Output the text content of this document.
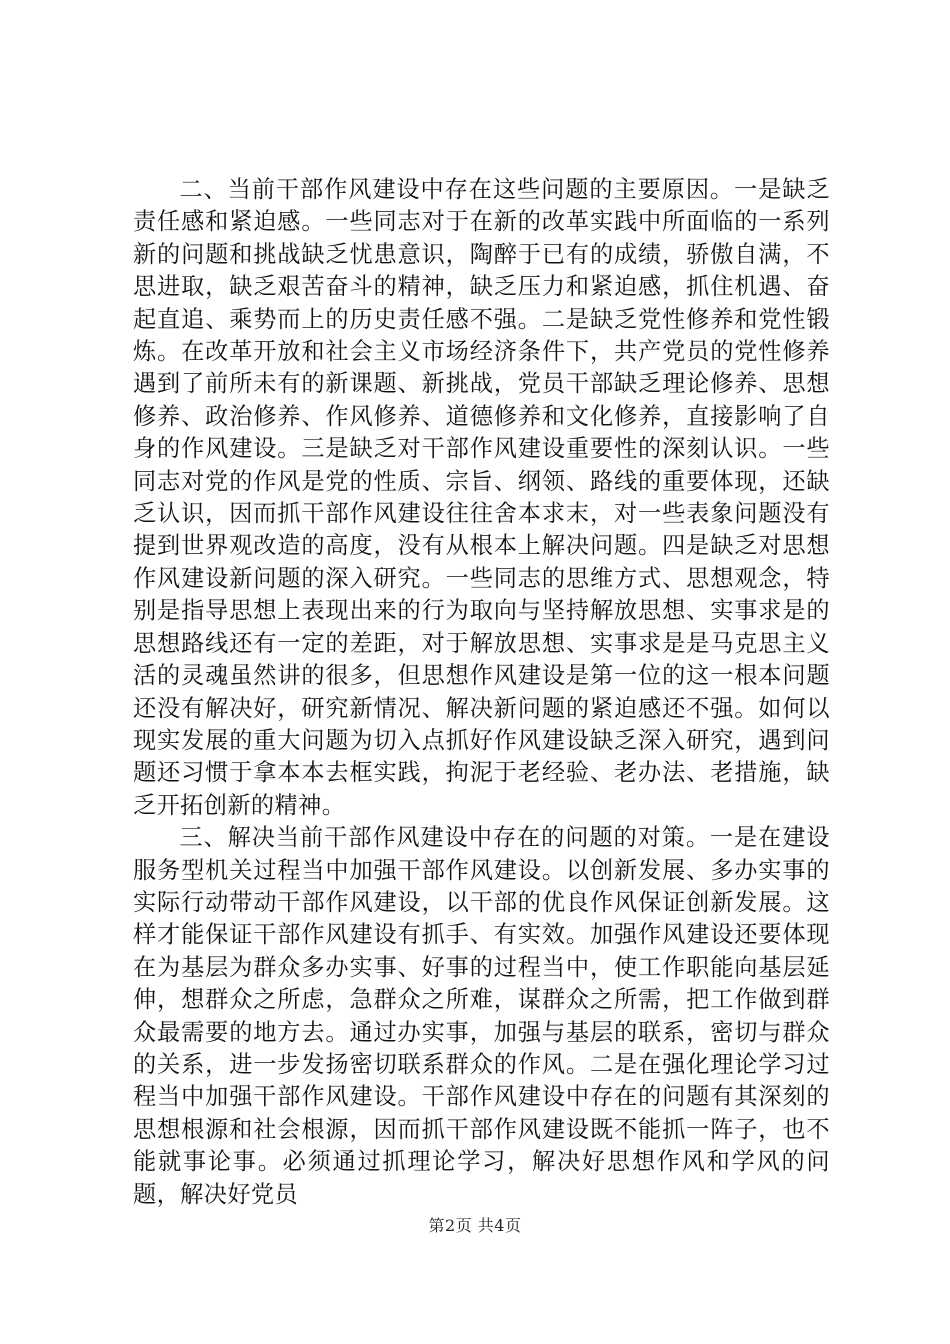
二、当前干部作风建设中存在这些问题的主要原因。一是缺乏责任感和紧迫感。一些同志对于在新的改革实践中所面临的一系列新的问题和挑战缺乏忧患意识，陶醉于已有的成绩，骄傲自满，不思进取，缺乏艰苦奋斗的精神，缺乏压力和紧迫感，抓住机遇、奋起直追、乘势而上的历史责任感不强。二是缺乏党性修养和党性锻炼。在改革开放和社会主义市场经济条件下，共产党员的党性修养遇到了前所未有的新课题、新挑战，党员干部缺乏理论修养、思想修养、政治修养、作风修养、道德修养和文化修养，直接影响了自身的作风建设。三是缺乏对干部作风建设重要性的深刻认识。一些同志对党的作风是党的性质、宗旨、纲领、路线的重要体现，还缺乏认识，因而抓干部作风建设往往舍本求末，对一些表象问题没有提到世界观改造的高度，没有从根本上解决问题。四是缺乏对思想作风建设新问题的深入研究。一些同志的思维方式、思想观念，特别是指导思想上表现出来的行为取向与坚持解放思想、实事求是的思想路线还有一定的差距，对于解放思想、实事求是是马克思主义活的灵魂虽然讲的很多，但思想作风建设是第一位的这一根本问题还没有解决好，研究新情况、解决新问题的紧迫感还不强。如何以现实发展的重大问题为切入点抓好作风建设缺乏深入研究，遇到问题还习惯于拿本本去框实践，拘泥于老经验、老办法、老措施，缺乏开拓创新的精神。

三、解决当前干部作风建设中存在的问题的对策。一是在建设服务型机关过程当中加强干部作风建设。以创新发展、多办实事的实际行动带动干部作风建设，以干部的优良作风保证创新发展。这样才能保证干部作风建设有抓手、有实效。加强作风建设还要体现在为基层为群众多办实事、好事的过程当中，使工作职能向基层延伸，想群众之所虑，急群众之所难，谋群众之所需，把工作做到群众最需要的地方去。通过办实事，加强与基层的联系，密切与群众的关系，进一步发扬密切联系群众的作风。二是在强化理论学习过程当中加强干部作风建设。干部作风建设中存在的问题有其深刻的思想根源和社会根源，因而抓干部作风建设既不能抓一阵子，也不能就事论事。必须通过抓理论学习，解决好思想作风和学风的问题，解决好党员

第2页 共4页
